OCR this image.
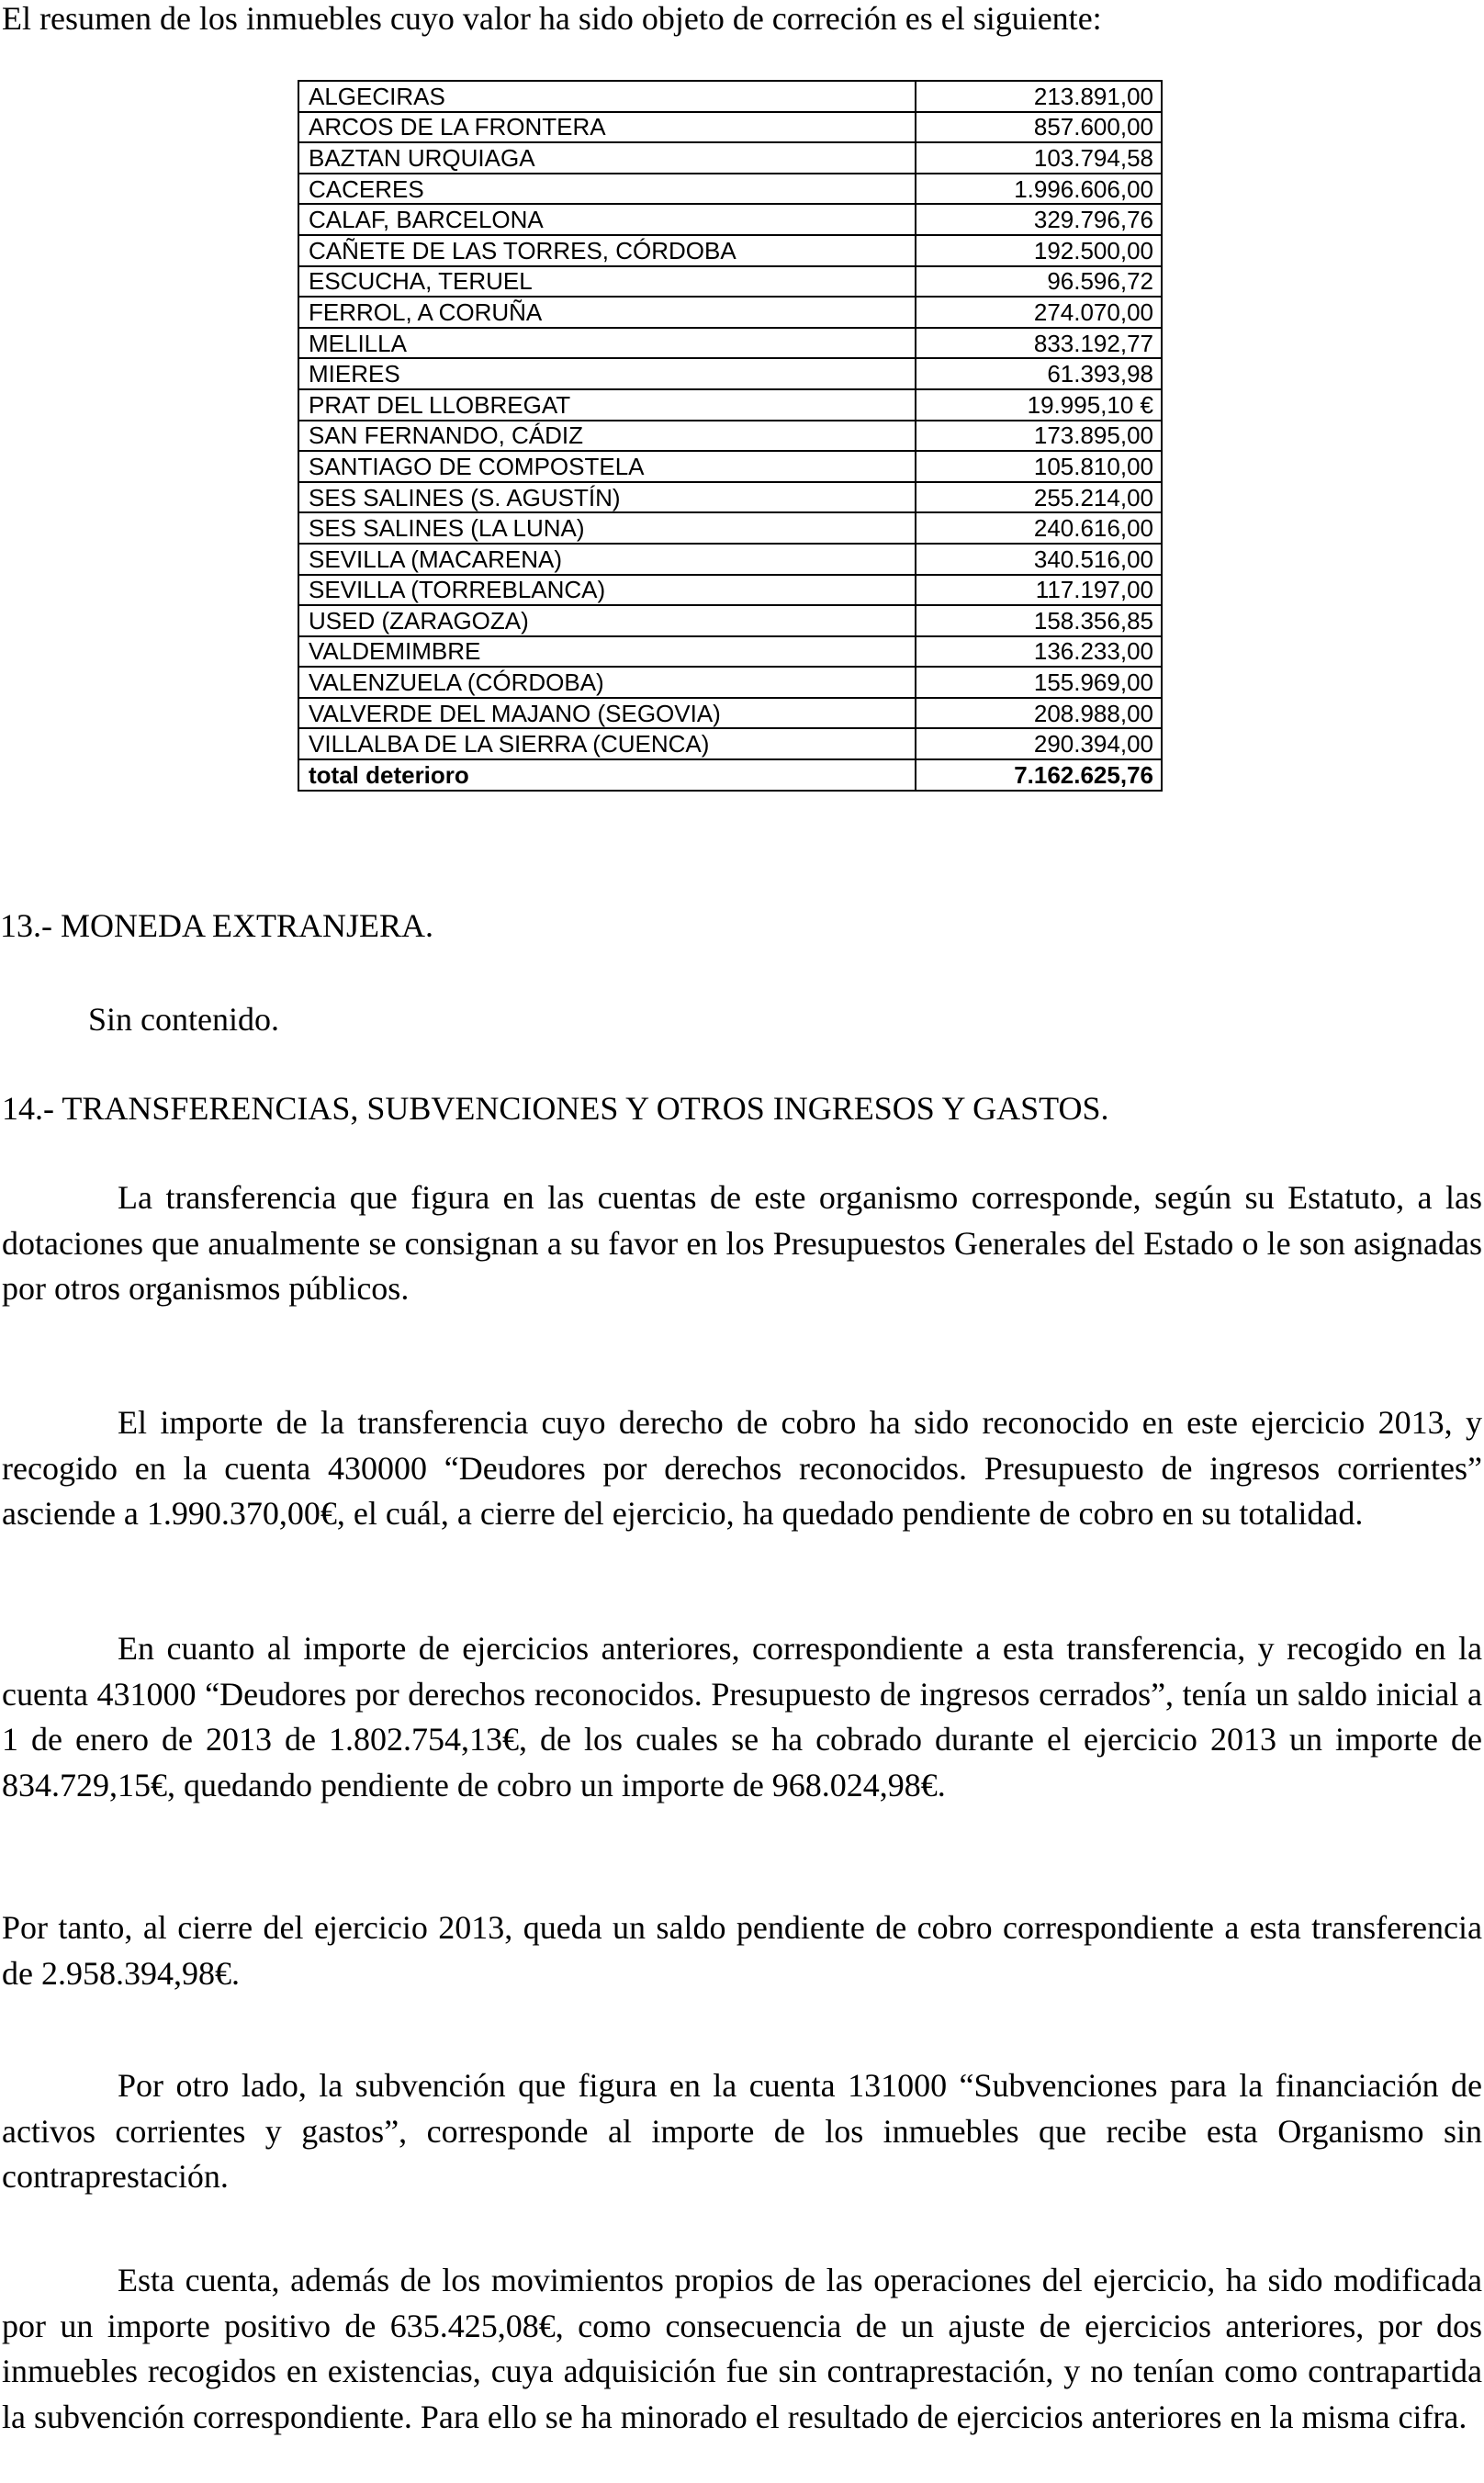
El resumen de los inmuebles cuyo valor ha sido objeto de correción es el siguiente:
ALGECIRAS	213.891,00
ARCOS DE LA FRONTERA	857.600,00
BAZTAN URQUIAGA	103.794,58
CACERES	1.996.606,00
CALAF, BARCELONA	329.796,76
CAÑETE DE LAS TORRES, CÓRDOBA	192.500,00
ESCUCHA, TERUEL	96.596,72
FERROL, A CORUÑA	274.070,00
MELILLA	833.192,77
MIERES	61.393,98
PRAT DEL LLOBREGAT	19.995,10 €
SAN FERNANDO, CÁDIZ	173.895,00
SANTIAGO DE COMPOSTELA	105.810,00
SES SALINES (S. AGUSTÍN)	255.214,00
SES SALINES (LA LUNA)	240.616,00
SEVILLA (MACARENA)	340.516,00
SEVILLA (TORREBLANCA)	117.197,00
USED (ZARAGOZA)	158.356,85
VALDEMIMBRE	136.233,00
VALENZUELA (CÓRDOBA)	155.969,00
VALVERDE DEL MAJANO (SEGOVIA)	208.988,00
VILLALBA DE LA SIERRA (CUENCA)	290.394,00
total deterioro	7.162.625,76
13.- MONEDA EXTRANJERA.
Sin contenido.
14.- TRANSFERENCIAS, SUBVENCIONES Y OTROS INGRESOS Y GASTOS.

La transferencia que figura en las cuentas de este organismo corresponde, según su Estatuto, a las dotaciones que anualmente se consignan a su favor en los Presupuestos Generales del Estado o le son asignadas por otros organismos públicos.

El importe de la transferencia cuyo derecho de cobro ha sido reconocido en este ejercicio 2013, y recogido en la cuenta 430000 “Deudores por derechos reconocidos. Presupuesto de ingresos corrientes” asciende a 1.990.370,00€, el cuál, a cierre del ejercicio, ha quedado pendiente de cobro en su totalidad.

En cuanto al importe de ejercicios anteriores, correspondiente a esta transferencia, y recogido en la cuenta 431000 “Deudores por derechos reconocidos. Presupuesto de ingresos cerrados”, tenía un saldo inicial a 1 de enero de 2013 de 1.802.754,13€, de los cuales se ha cobrado durante el ejercicio 2013 un importe de 834.729,15€, quedando pendiente de cobro un importe de 968.024,98€.

Por tanto, al cierre del ejercicio 2013, queda un saldo pendiente de cobro correspondiente a esta transferencia de 2.958.394,98€.

Por otro lado, la subvención que figura en la cuenta 131000 “Subvenciones para la financiación de activos corrientes y gastos”, corresponde al importe de los inmuebles que recibe esta Organismo sin contraprestación.

Esta cuenta, además de los movimientos propios de las operaciones del ejercicio, ha sido modificada por un importe positivo de 635.425,08€, como consecuencia de un ajuste de ejercicios anteriores, por dos inmuebles recogidos en existencias, cuya adquisición fue sin contraprestación, y no tenían como contrapartida la subvención correspondiente. Para ello se ha minorado el resultado de ejercicios anteriores en la misma cifra.
